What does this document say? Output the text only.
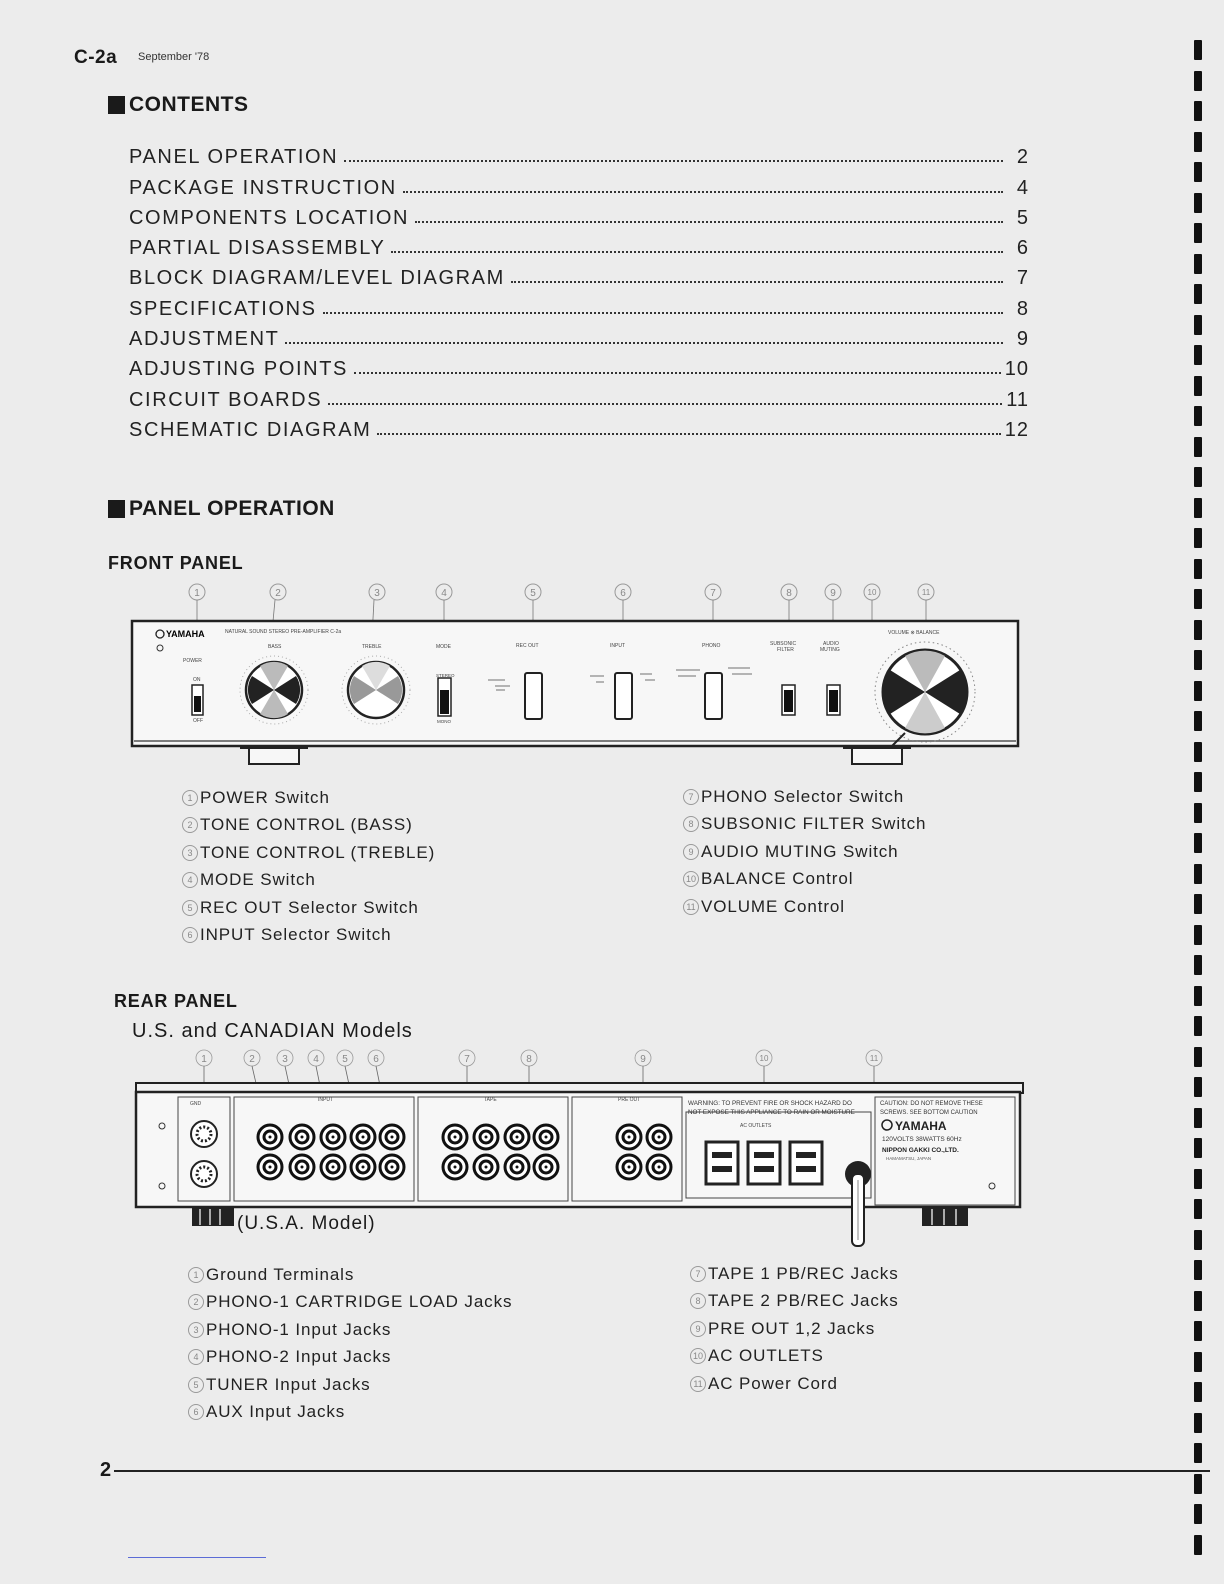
C-2a September '78
CONTENTS
PANEL OPERATION	2
PACKAGE INSTRUCTION	4
COMPONENTS LOCATION	5
PARTIAL DISASSEMBLY	6
BLOCK DIAGRAM/LEVEL DIAGRAM	7
SPECIFICATIONS	8
ADJUSTMENT	9
ADJUSTING POINTS	10
CIRCUIT BOARDS	11
SCHEMATIC DIAGRAM	12
PANEL OPERATION
FRONT PANEL
1	2	3	4	5	6	7	8	9	10	11
YAMAHA	NATURAL SOUND STEREO PRE-AMPLIFIER C-2a
POWER
BASS	TREBLE	MODE	REC OUT	INPUT	PHONO	SUBSONIC
FILTER
AUDIO
MUTING
VOLUME ⊗ BALANCE
ON
OFF
STEREO
MONO
1 POWER Switch
2 TONE CONTROL (BASS)
3 TONE CONTROL (TREBLE)
4 MODE Switch
5 REC OUT Selector Switch
6 INPUT Selector Switch
7 PHONO Selector Switch
8 SUBSONIC FILTER Switch
9 AUDIO MUTING Switch
10 BALANCE Control
11 VOLUME Control
REAR PANEL
U.S. and CANADIAN Models
1	2	3	4 5	6	7	8	9	10	11
GND
INPUT	TAPE	PRE OUT
AC OUTLETS
WARNING: TO PREVENT FIRE OR SHOCK HAZARD DO
NOT EXPOSE THIS APPLIANCE TO RAIN OR MOISTURE
CAUTION: DO NOT REMOVE THESE
SCREWS. SEE BOTTOM CAUTION
YAMAHA
120VOLTS 38WATTS 60Hz
NIPPON GAKKI CO.,LTD.
HAMAMATSU, JAPAN
(U.S.A. Model)
1 Ground Terminals
2 PHONO-1 CARTRIDGE LOAD Jacks
3 PHONO-1 Input Jacks
4 PHONO-2 Input Jacks
5 TUNER Input Jacks
6 AUX Input Jacks
7 TAPE 1 PB/REC Jacks
8 TAPE 2 PB/REC Jacks
9 PRE OUT 1,2 Jacks
10 AC OUTLETS
11 AC Power Cord
2
